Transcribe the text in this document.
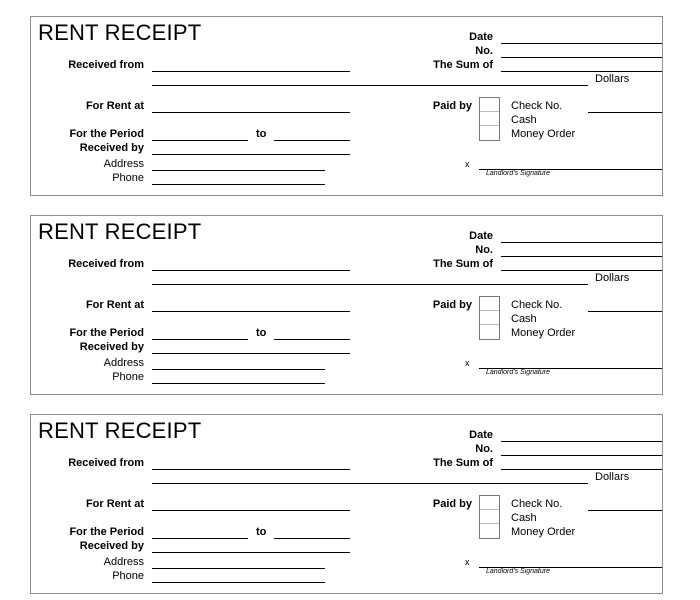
RENT RECEIPT	Date
No.
Received from	The Sum of
Dollars
For Rent at	Paid by	Check No.
Cash
Money Order
For the Period	to
Received by
Address
Phone
x
Landlord's Signature
RENT RECEIPT	Date
No.
Received from	The Sum of
Dollars
For Rent at	Paid by	Check No.
Cash
Money Order
For the Period	to
Received by
Address
Phone
x
Landlord's Signature
RENT RECEIPT	Date
No.
Received from	The Sum of
Dollars
For Rent at	Paid by	Check No.
Cash
Money Order
For the Period	to
Received by
Address
Phone
x
Landlord's Signature
